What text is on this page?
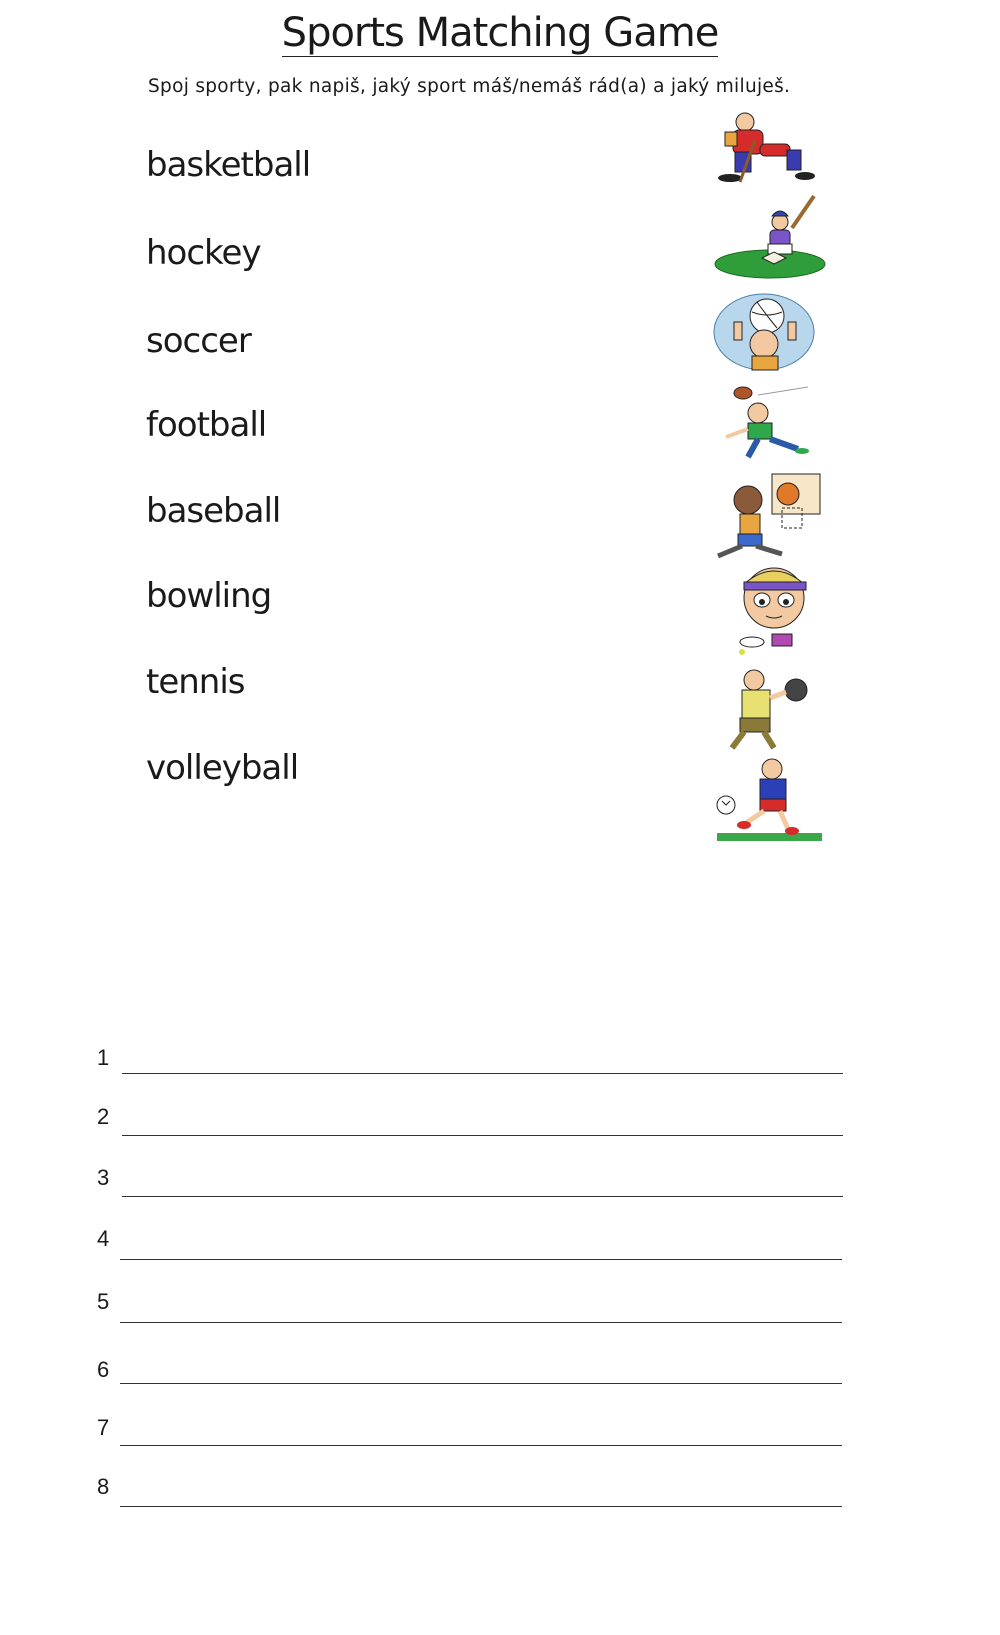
Sports Matching Game
Spoj sporty, pak napiš, jaký sport máš/nemáš rád(a) a jaký miluješ.
basketball
hockey
soccer
football
baseball
bowling
tennis
volleyball
1
2
3
4
5
6
7
8
